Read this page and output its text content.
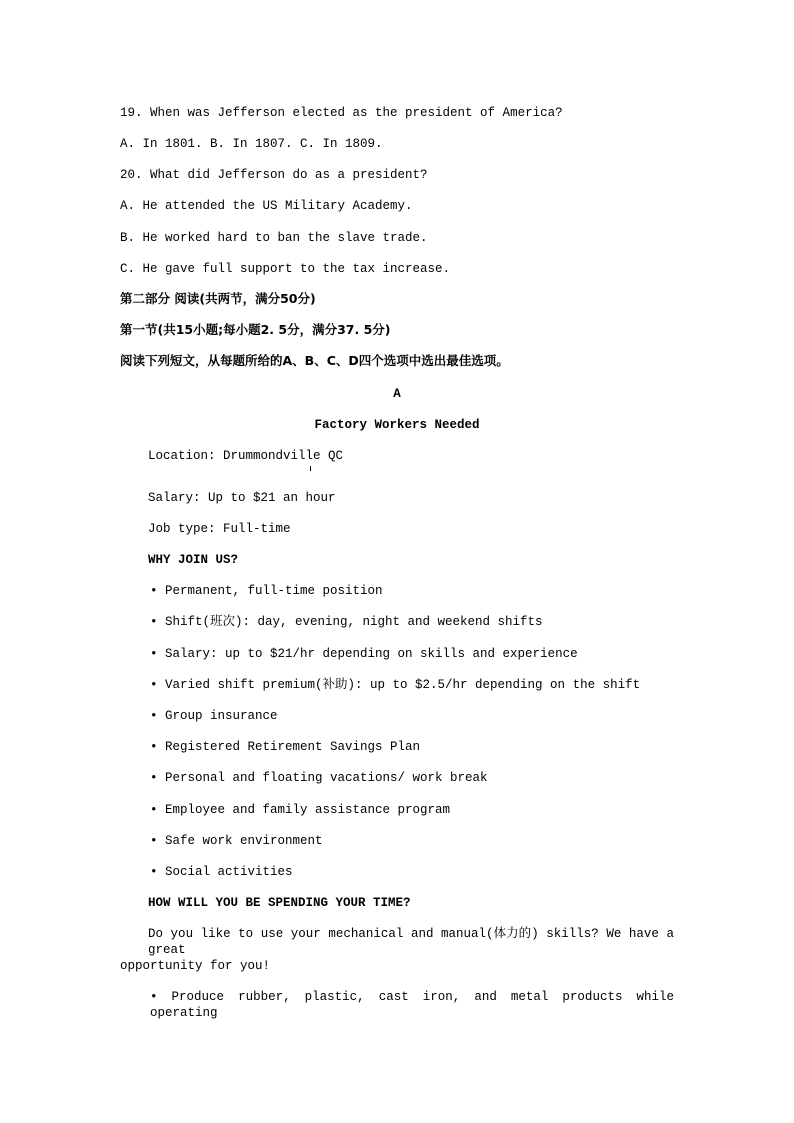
19. When was Jefferson elected as the president of America?
A. In 1801. B. In 1807. C. In 1809.
20. What did Jefferson do as a president?
A. He attended the US Military Academy.
B. He worked hard to ban the slave trade.
C. He gave full support to the tax increase.
第二部分 阅读(共两节，满分50分)
第一节(共15小题;每小题2. 5分，满分37. 5分)
阅读下列短文，从每题所给的A、B、C、D四个选项中选出最佳选项。
A
Factory Workers Needed
Location: Drummondville QC
Salary: Up to $21 an hour
Job type: Full-time
WHY JOIN US?
• Permanent, full-time position
• Shift(班次): day, evening, night and weekend shifts
• Salary: up to $21/hr depending on skills and experience
• Varied shift premium(补助): up to $2.5/hr depending on the shift
• Group insurance
• Registered Retirement Savings Plan
• Personal and floating vacations/ work break
• Employee and family assistance program
• Safe work environment
• Social activities
HOW WILL YOU BE SPENDING YOUR TIME?
Do you like to use your mechanical and manual(体力的) skills? We have a great
opportunity for you!
• Produce rubber, plastic, cast iron, and metal products while operating
